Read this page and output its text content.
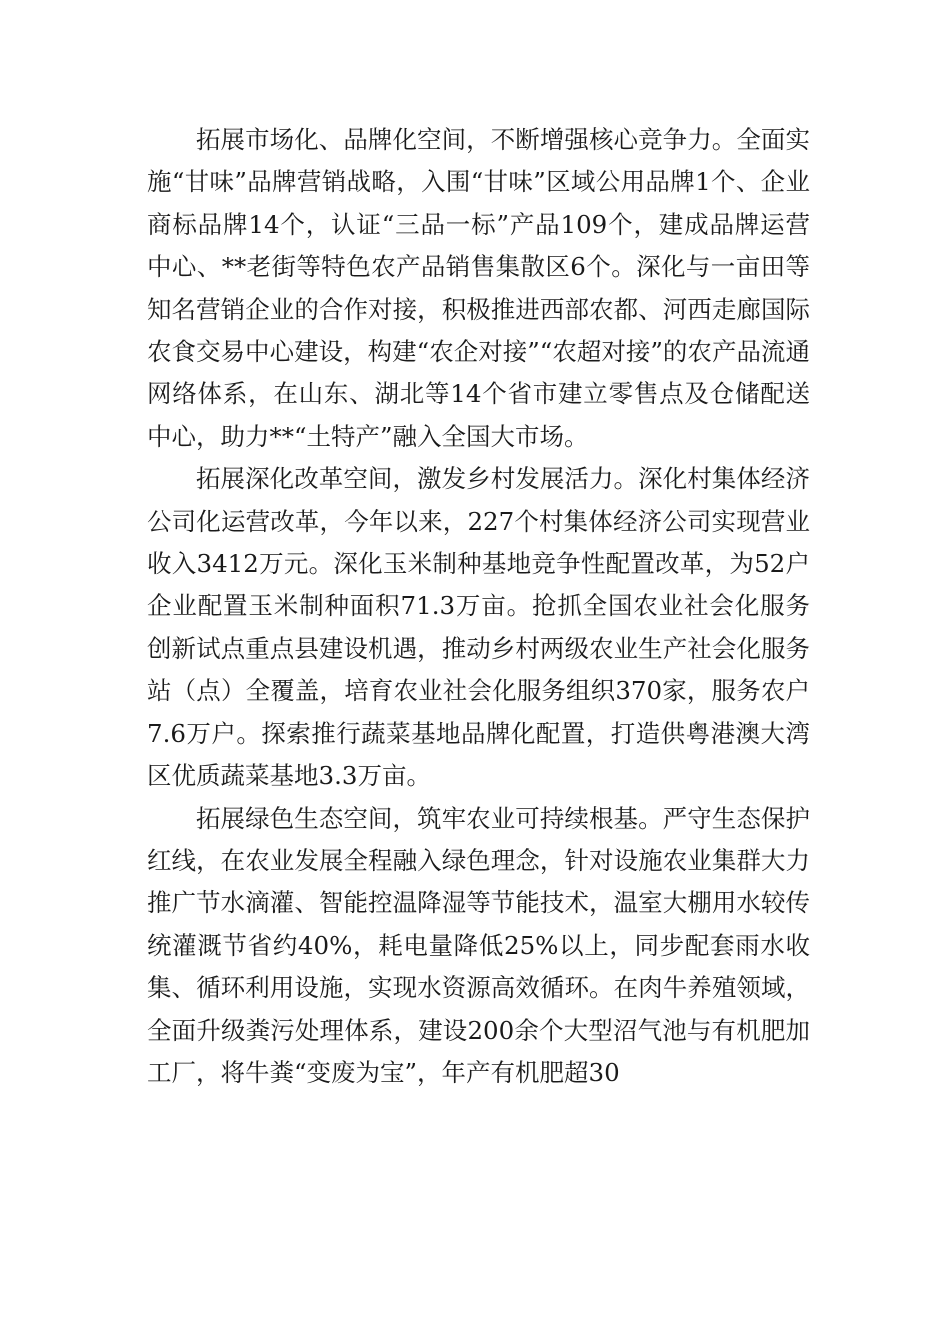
拓展市场化、品牌化空间，不断增强核心竞争力。全面实施“甘味”品牌营销战略，入围“甘味”区域公用品牌1个、企业商标品牌14个，认证“三品一标”产品109个，建成品牌运营中心、**老街等特色农产品销售集散区6个。深化与一亩田等知名营销企业的合作对接，积极推进西部农都、河西走廊国际农食交易中心建设，构建“农企对接”“农超对接”的农产品流通网络体系，在山东、湖北等14个省市建立零售点及仓储配送中心，助力**“土特产”融入全国大市场。

拓展深化改革空间，激发乡村发展活力。深化村集体经济公司化运营改革，今年以来，227个村集体经济公司实现营业收入3412万元。深化玉米制种基地竞争性配置改革，为52户企业配置玉米制种面积71.3万亩。抢抓全国农业社会化服务创新试点重点县建设机遇，推动乡村两级农业生产社会化服务站（点）全覆盖，培育农业社会化服务组织370家，服务农户7.6万户。探索推行蔬菜基地品牌化配置，打造供粤港澳大湾区优质蔬菜基地3.3万亩。

拓展绿色生态空间，筑牢农业可持续根基。严守生态保护红线，在农业发展全程融入绿色理念，针对设施农业集群大力推广节水滴灌、智能控温降湿等节能技术，温室大棚用水较传统灌溉节省约40%，耗电量降低25%以上，同步配套雨水收集、循环利用设施，实现水资源高效循环。在肉牛养殖领域，全面升级粪污处理体系，建设200余个大型沼气池与有机肥加工厂，将牛粪“变废为宝”，年产有机肥超30
